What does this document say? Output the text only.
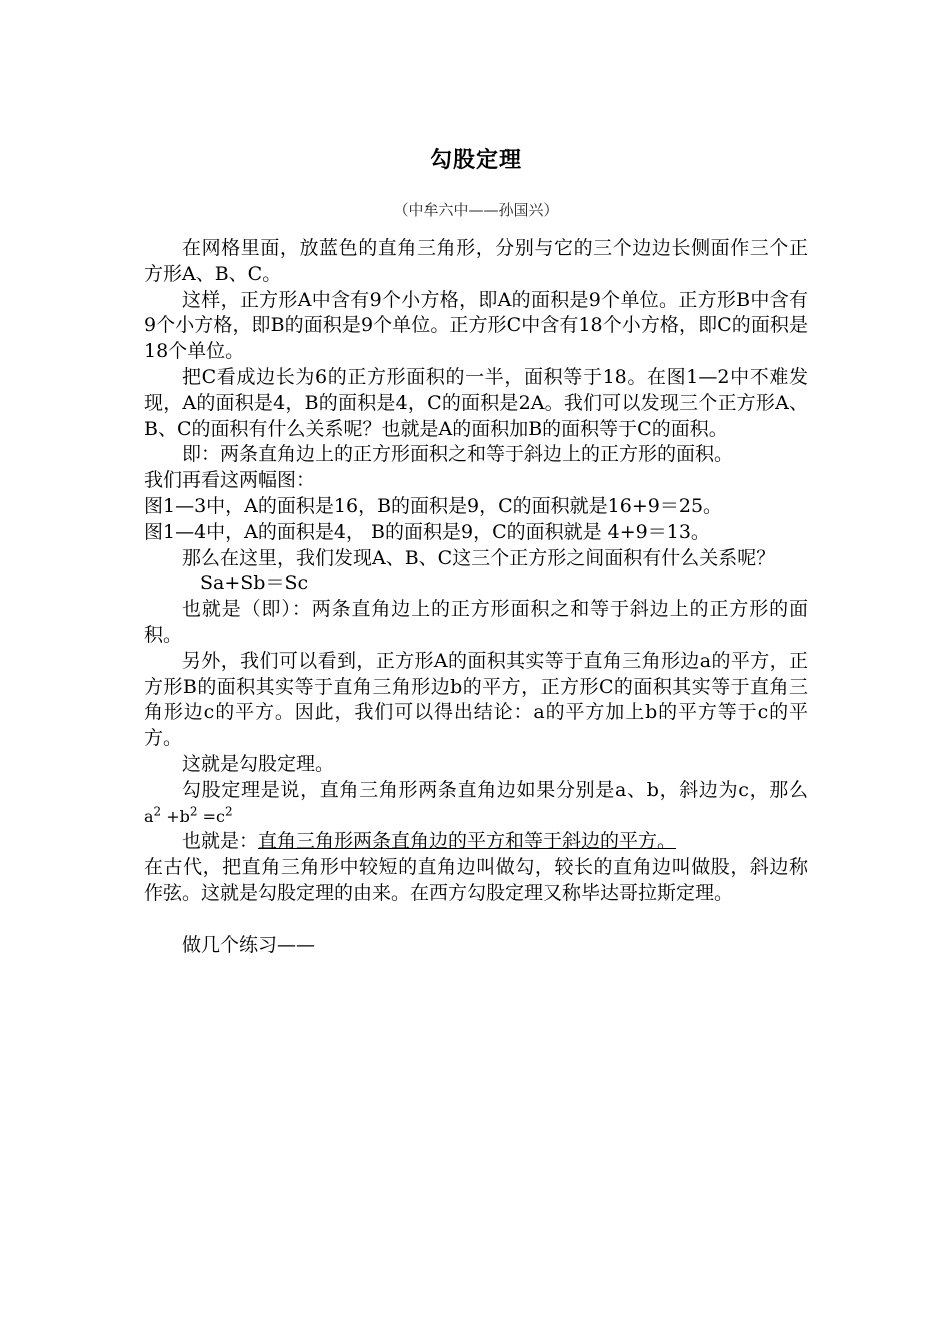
勾股定理
（中牟六中——孙国兴）

在网格里面，放蓝色的直角三角形，分别与它的三个边边长侧面作三个正方形A、B、C。

这样，正方形A中含有9个小方格，即A的面积是9个单位。正方形B中含有9个小方格，即B的面积是9个单位。正方形C中含有18个小方格，即C的面积是18个单位。

把C看成边长为6的正方形面积的一半，面积等于18。在图1—2中不难发现，A的面积是4，B的面积是4，C的面积是2A。我们可以发现三个正方形A、B、C的面积有什么关系呢？也就是A的面积加B的面积等于C的面积。

即：两条直角边上的正方形面积之和等于斜边上的正方形的面积。

我们再看这两幅图：

图1—3中，A的面积是16，B的面积是9，C的面积就是16+9＝25。

图1—4中，A的面积是4， B的面积是9，C的面积就是 4+9＝13。

那么在这里，我们发现A、B、C这三个正方形之间面积有什么关系呢？

Sa+Sb＝Sc

也就是（即）：两条直角边上的正方形面积之和等于斜边上的正方形的面积。

另外，我们可以看到，正方形A的面积其实等于直角三角形边a的平方，正方形B的面积其实等于直角三角形边b的平方，正方形C的面积其实等于直角三角形边c的平方。因此，我们可以得出结论：a的平方加上b的平方等于c的平方。

这就是勾股定理。

勾股定理是说，直角三角形两条直角边如果分别是a、b，斜边为c，那么 $a^2 +b^2 =c^2$

也就是：直角三角形两条直角边的平方和等于斜边的平方。

在古代，把直角三角形中较短的直角边叫做勾，较长的直角边叫做股，斜边称作弦。这就是勾股定理的由来。在西方勾股定理又称毕达哥拉斯定理。

做几个练习——
